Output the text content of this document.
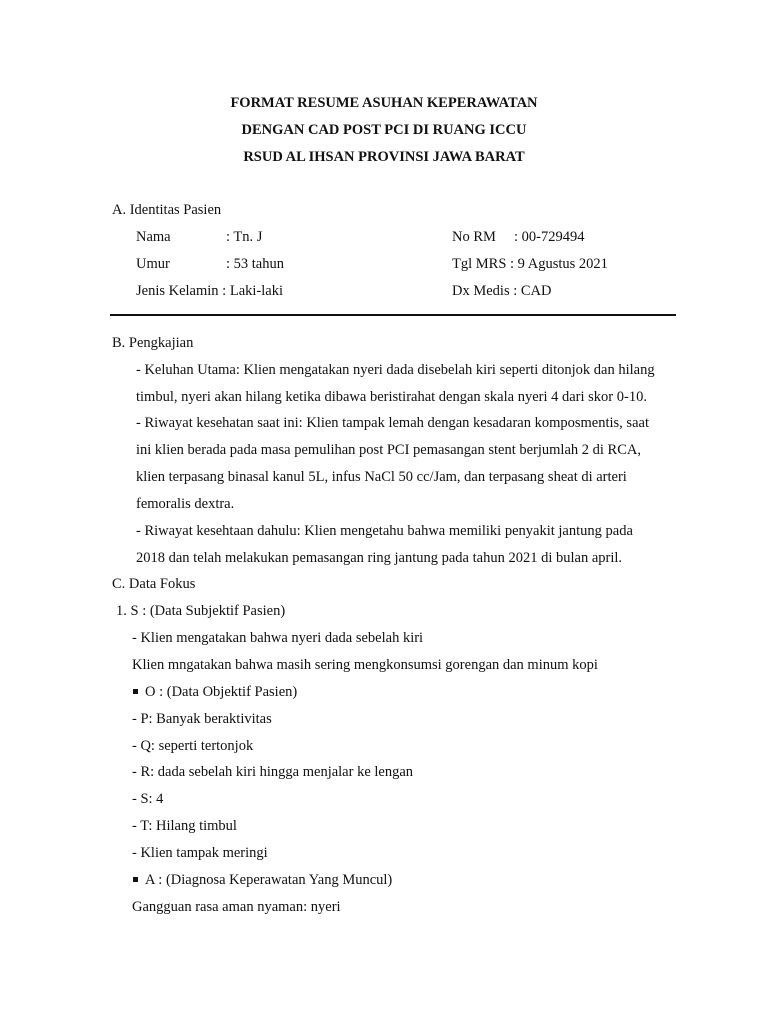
FORMAT RESUME ASUHAN KEPERAWATAN
DENGAN CAD POST PCI DI RUANG ICCU
RSUD AL IHSAN PROVINSI JAWA BARAT
A. Identitas Pasien
Nama	: Tn. J
Umur	: 53 tahun
Jenis Kelamin : Laki-laki
No RM : 00-729494
Tgl MRS : 9 Agustus 2021
Dx Medis : CAD
B. Pengkajian
- Keluhan Utama: Klien mengatakan nyeri dada disebelah kiri seperti ditonjok dan hilang
timbul, nyeri akan hilang ketika dibawa beristirahat dengan skala nyeri 4 dari skor 0-10.
- Riwayat kesehatan saat ini: Klien tampak lemah dengan kesadaran komposmentis, saat
ini klien berada pada masa pemulihan post PCI pemasangan stent berjumlah 2 di RCA,
klien terpasang binasal kanul 5L, infus NaCl 50 cc/Jam, dan terpasang sheat di arteri
femoralis dextra.
- Riwayat kesehtaan dahulu: Klien mengetahu bahwa memiliki penyakit jantung pada
2018 dan telah melakukan pemasangan ring jantung pada tahun 2021 di bulan april.
C. Data Fokus
1. S : (Data Subjektif Pasien)
- Klien mengatakan bahwa nyeri dada sebelah kiri
Klien mngatakan bahwa masih sering mengkonsumsi gorengan dan minum kopi
O : (Data Objektif Pasien)
- P: Banyak beraktivitas
- Q: seperti tertonjok
- R: dada sebelah kiri hingga menjalar ke lengan
- S: 4
- T: Hilang timbul
- Klien tampak meringi
A : (Diagnosa Keperawatan Yang Muncul)
Gangguan rasa aman nyaman: nyeri
